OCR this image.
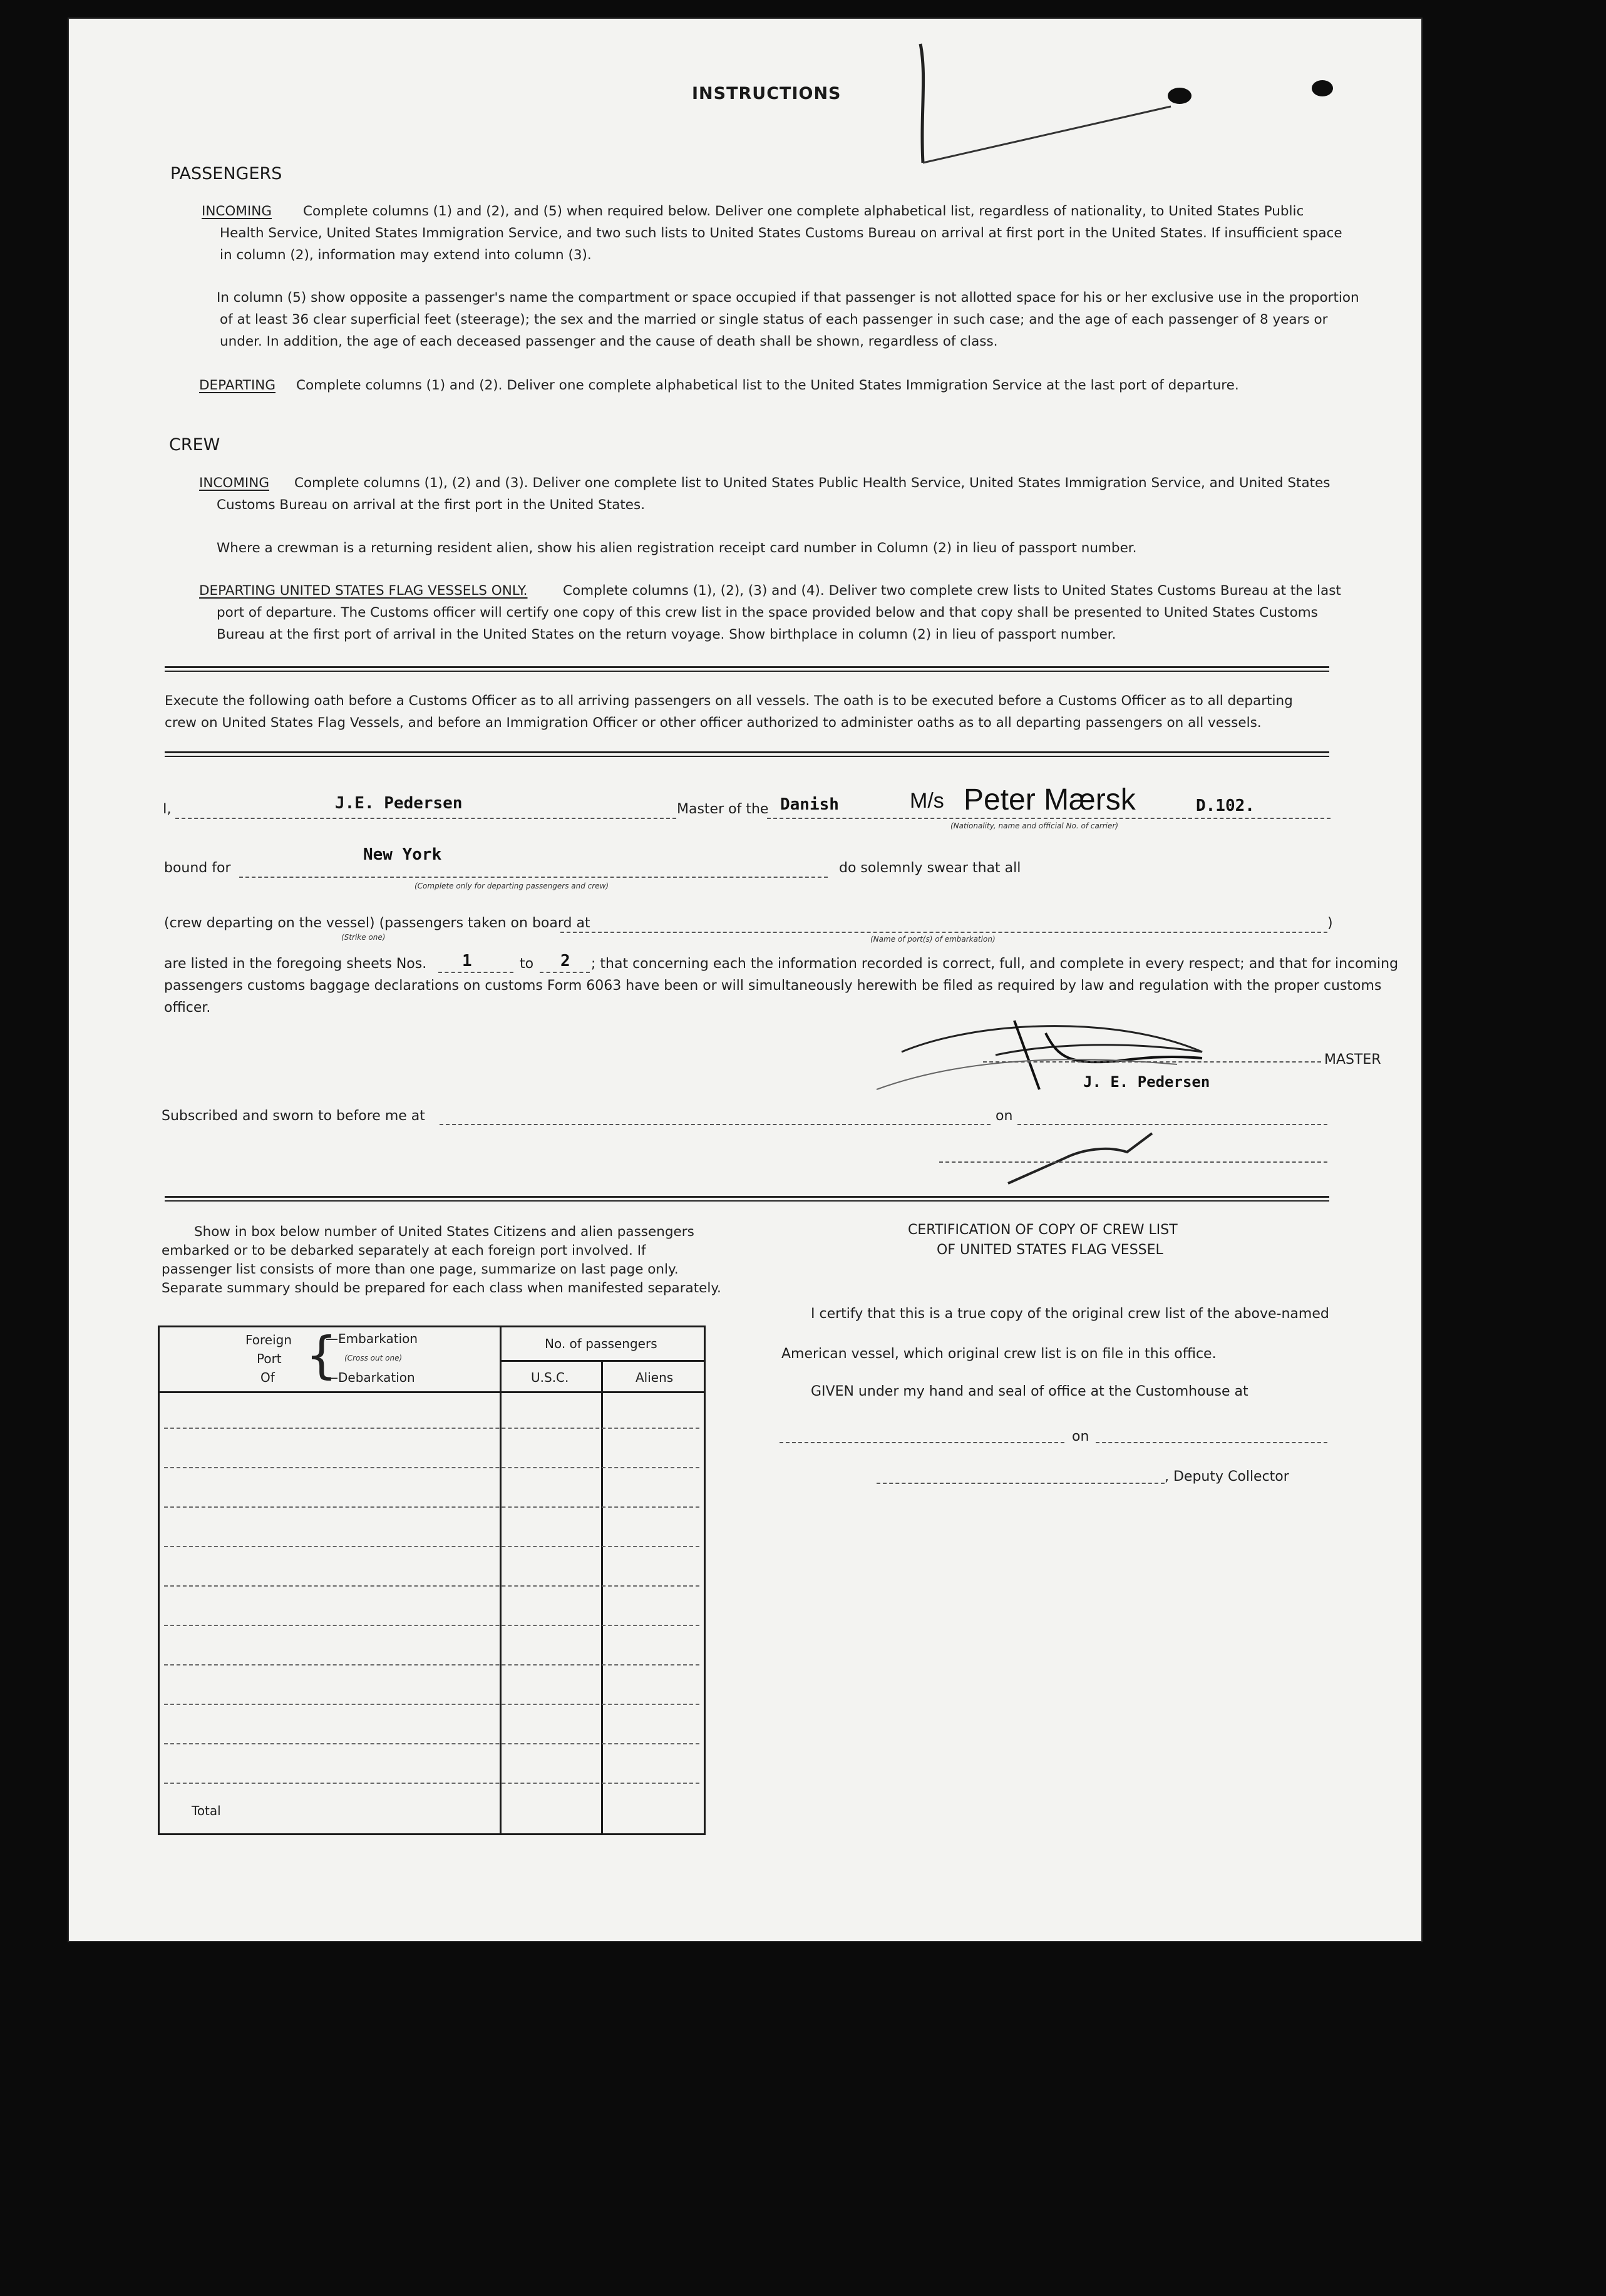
INSTRUCTIONS
PASSENGERS
INCOMING Complete columns (1) and (2), and (5) when required below. Deliver one complete alphabetical list, regardless of nationality, to United States Public
Health Service, United States Immigration Service, and two such lists to United States Customs Bureau on arrival at first port in the United States. If insufficient space
in column (2), information may extend into column (3).
In column (5) show opposite a passenger's name the compartment or space occupied if that passenger is not allotted space for his or her exclusive use in the proportion
of at least 36 clear superficial feet (steerage); the sex and the married or single status of each passenger in such case; and the age of each passenger of 8 years or
under. In addition, the age of each deceased passenger and the cause of death shall be shown, regardless of class.
DEPARTING Complete columns (1) and (2). Deliver one complete alphabetical list to the United States Immigration Service at the last port of departure.
CREW
INCOMING Complete columns (1), (2) and (3). Deliver one complete list to United States Public Health Service, United States Immigration Service, and United States
Customs Bureau on arrival at the first port in the United States.
Where a crewman is a returning resident alien, show his alien registration receipt card number in Column (2) in lieu of passport number.
DEPARTING UNITED STATES FLAG VESSELS ONLY.	Complete columns (1), (2), (3) and (4). Deliver two complete crew lists to United States Customs Bureau at the last
port of departure. The Customs officer will certify one copy of this crew list in the space provided below and that copy shall be presented to United States Customs
Bureau at the first port of arrival in the United States on the return voyage. Show birthplace in column (2) in lieu of passport number.
Execute the following oath before a Customs Officer as to all arriving passengers on all vessels. The oath is to be executed before a Customs Officer as to all departing
crew on United States Flag Vessels, and before an Immigration Officer or other officer authorized to administer oaths as to all departing passengers on all vessels.
I,	J.E. Pedersen	Master of the Danish	M/s Peter Mærsk	D.102.
(Nationality, name and official No. of carrier)
bound for
New York
(Complete only for departing passengers and crew)
do solemnly swear that all
(crew departing on the vessel) (passengers taken on board at
(Strike one)	(Name of port(s) of embarkation)
)
are listed in the foregoing sheets Nos. 1	to 2 ; that concerning each the information recorded is correct, full, and complete in every respect; and that for incoming
passengers customs baggage declarations on customs Form 6063 have been or will simultaneously herewith be filed as required by law and regulation with the proper customs
officer.
MASTER
J. E. Pedersen
Subscribed and sworn to before me at	on
Show in box below number of United States Citizens and alien passengers
embarked or to be debarked separately at each foreign port involved. If
passenger list consists of more than one page, summarize on last page only.
Separate summary should be prepared for each class when manifested separately.
Foreign
Port
Of {
—Embarkation
(Cross out one)
—Debarkation
No. of passengers
U.S.C.	Aliens
Total
CERTIFICATION OF COPY OF CREW LIST
OF UNITED STATES FLAG VESSEL
I certify that this is a true copy of the original crew list of the above-named
American vessel, which original crew list is on file in this office.
GIVEN under my hand and seal of office at the Customhouse at
on
, Deputy Collector
